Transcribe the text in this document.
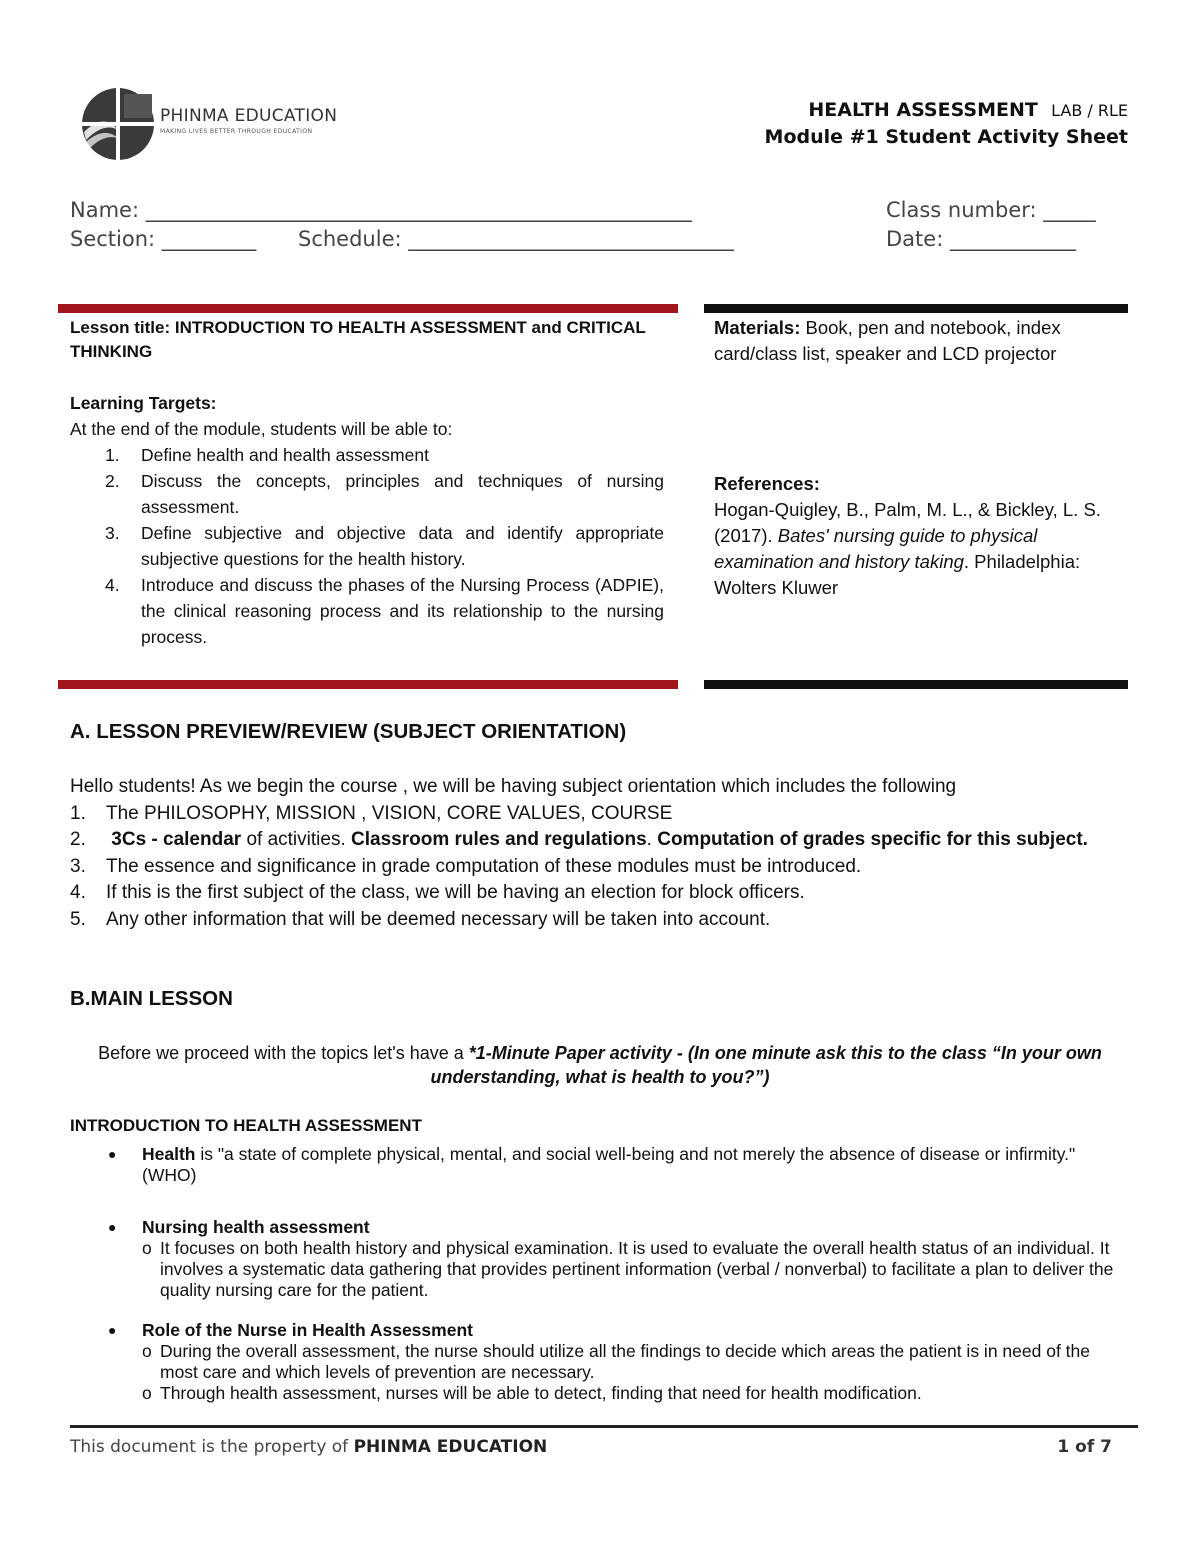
PHINMA EDUCATION
MAKING LIVES BETTER THROUGH EDUCATION
HEALTH ASSESSMENT LAB / RLE
Module #1 Student Activity Sheet
Name: ____________________________________________________	Class number: _____
Section: _________ Schedule: _______________________________	Date: ____________
Lesson title: INTRODUCTION TO HEALTH ASSESSMENT and CRITICAL THINKING
Learning Targets:
At the end of the module, students will be able to:
1. Define health and health assessment
2. Discuss the concepts, principles and techniques of nursing assessment.
3. Define subjective and objective data and identify appropriate subjective questions for the health history.
4. Introduce and discuss the phases of the Nursing Process (ADPIE), the clinical reasoning process and its relationship to the nursing process.
Materials: Book, pen and notebook, index card/class list, speaker and LCD projector
References:
Hogan-Quigley, B., Palm, M. L., & Bickley, L. S. (2017). Bates' nursing guide to physical examination and history taking. Philadelphia: Wolters Kluwer
A. LESSON PREVIEW/REVIEW (SUBJECT ORIENTATION)
Hello students! As we begin the course , we will be having subject orientation which includes the following
1. The PHILOSOPHY, MISSION , VISION, CORE VALUES, COURSE
2. 3Cs - calendar of activities. Classroom rules and regulations. Computation of grades specific for this subject.
3. The essence and significance in grade computation of these modules must be introduced.
4. If this is the first subject of the class, we will be having an election for block officers.
5. Any other information that will be deemed necessary will be taken into account.
B.MAIN LESSON
Before we proceed with the topics let's have a *1-Minute Paper activity - (In one minute ask this to the class “In your own understanding, what is health to you?”)
INTRODUCTION TO HEALTH ASSESSMENT
● Health is "a state of complete physical, mental, and social well-being and not merely the absence of disease or infirmity." (WHO)
● Nursing health assessment
o It focuses on both health history and physical examination. It is used to evaluate the overall health status of an individual. It involves a systematic data gathering that provides pertinent information (verbal / nonverbal) to facilitate a plan to deliver the quality nursing care for the patient.
● Role of the Nurse in Health Assessment
o During the overall assessment, the nurse should utilize all the findings to decide which areas the patient is in need of the most care and which levels of prevention are necessary.
o Through health assessment, nurses will be able to detect, finding that need for health modification.
This document is the property of PHINMA EDUCATION	1 of 7
